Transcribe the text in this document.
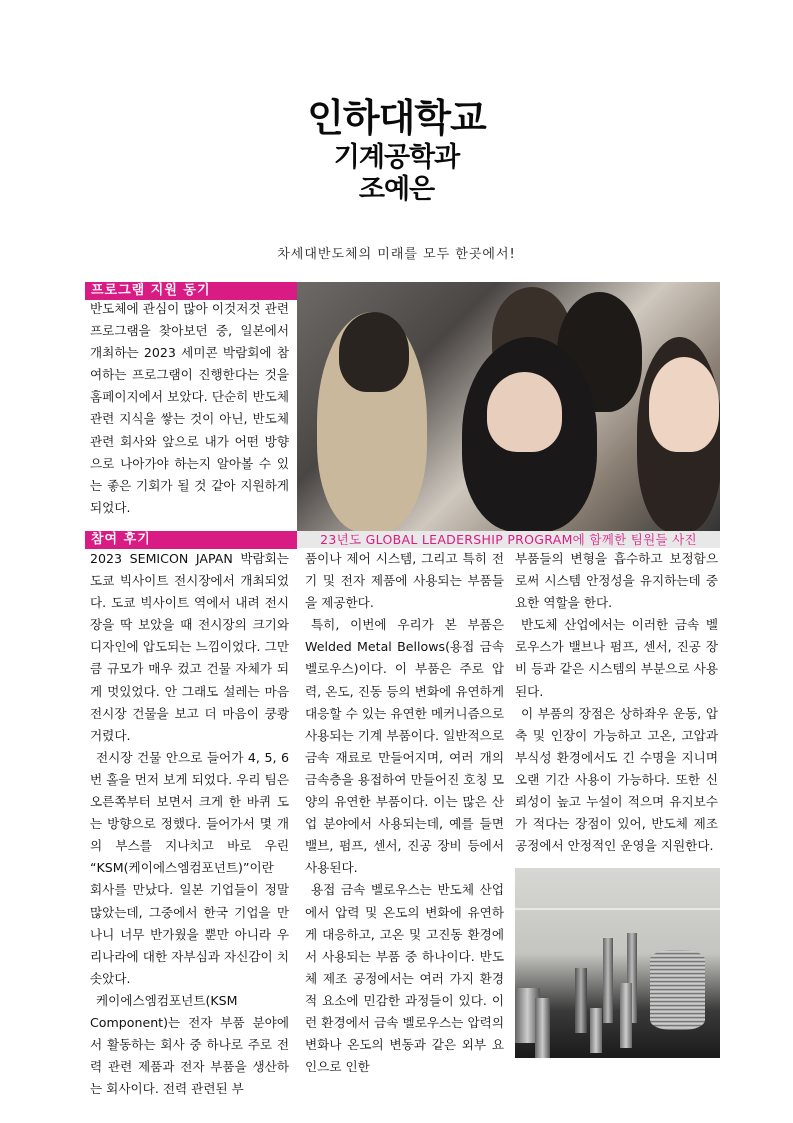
인하대학교
기계공학과
조예은
차세대반도체의 미래를 모두 한곳에서!
프로그램 지원 동기

반도체에 관심이 많아 이것저것 관련 프로그램을 찾아보던 중, 일본에서 개최하는 2023 세미콘 박람회에 참여하는 프로그램이 진행한다는 것을 홈페이지에서 보았다. 단순히 반도체 관련 지식을 쌓는 것이 아닌, 반도체 관련 회사와 앞으로 내가 어떤 방향으로 나아가야 하는지 알아볼 수 있는 좋은 기회가 될 것 같아 지원하게 되었다.

23년도 GLOBAL LEADERSHIP PROGRAM에 함께한 팀원들 사진
참여 후기

2023 SEMICON JAPAN 박람회는 도쿄 빅사이트 전시장에서 개최되었다. 도쿄 빅사이트 역에서 내려 전시장을 딱 보았을 때 전시장의 크기와 디자인에 압도되는 느낌이었다. 그만큼 규모가 매우 컸고 건물 자체가 되게 멋있었다. 안 그래도 설레는 마음 전시장 건물을 보고 더 마음이 쿵쾅거렸다.

전시장 건물 안으로 들어가 4, 5, 6번 홀을 먼저 보게 되었다. 우리 팀은 오른쪽부터 보면서 크게 한 바퀴 도는 방향으로 정했다. 들어가서 몇 개의 부스를 지나치고 바로 우린 “KSM(케이에스엠컴포넌트)”이란 회사를 만났다. 일본 기업들이 정말 많았는데, 그중에서 한국 기업을 만나니 너무 반가웠을 뿐만 아니라 우리나라에 대한 자부심과 자신감이 치솟았다.

케이에스엠컴포넌트(KSM Component)는 전자 부품 분야에서 활동하는 회사 중 하나로 주로 전력 관련 제품과 전자 부품을 생산하는 회사이다. 전력 관련된 부

품이나 제어 시스템, 그리고 특히 전기 및 전자 제품에 사용되는 부품들을 제공한다.

특히, 이번에 우리가 본 부품은 Welded Metal Bellows(용접 금속 벨로우스)이다. 이 부품은 주로 압력, 온도, 진동 등의 변화에 유연하게 대응할 수 있는 유연한 메커니즘으로 사용되는 기계 부품이다. 일반적으로 금속 재료로 만들어지며, 여러 개의 금속층을 용접하여 만들어진 호칭 모양의 유연한 부품이다. 이는 많은 산업 분야에서 사용되는데, 예를 들면 밸브, 펌프, 센서, 진공 장비 등에서 사용된다.

용접 금속 벨로우스는 반도체 산업에서 압력 및 온도의 변화에 유연하게 대응하고, 고온 및 고진동 환경에서 사용되는 부품 중 하나이다. 반도체 제조 공정에서는 여러 가지 환경적 요소에 민감한 과정들이 있다. 이런 환경에서 금속 벨로우스는 압력의 변화나 온도의 변동과 같은 외부 요인으로 인한

부품들의 변형을 흡수하고 보정함으로써 시스템 안정성을 유지하는데 중요한 역할을 한다.

반도체 산업에서는 이러한 금속 벨로우스가 밸브나 펌프, 센서, 진공 장비 등과 같은 시스템의 부분으로 사용된다.

이 부품의 장점은 상하좌우 운동, 압축 및 인장이 가능하고 고온, 고압과 부식성 환경에서도 긴 수명을 지니며 오랜 기간 사용이 가능하다. 또한 신뢰성이 높고 누설이 적으며 유지보수가 적다는 장점이 있어, 반도체 제조 공정에서 안정적인 운영을 지원한다.
